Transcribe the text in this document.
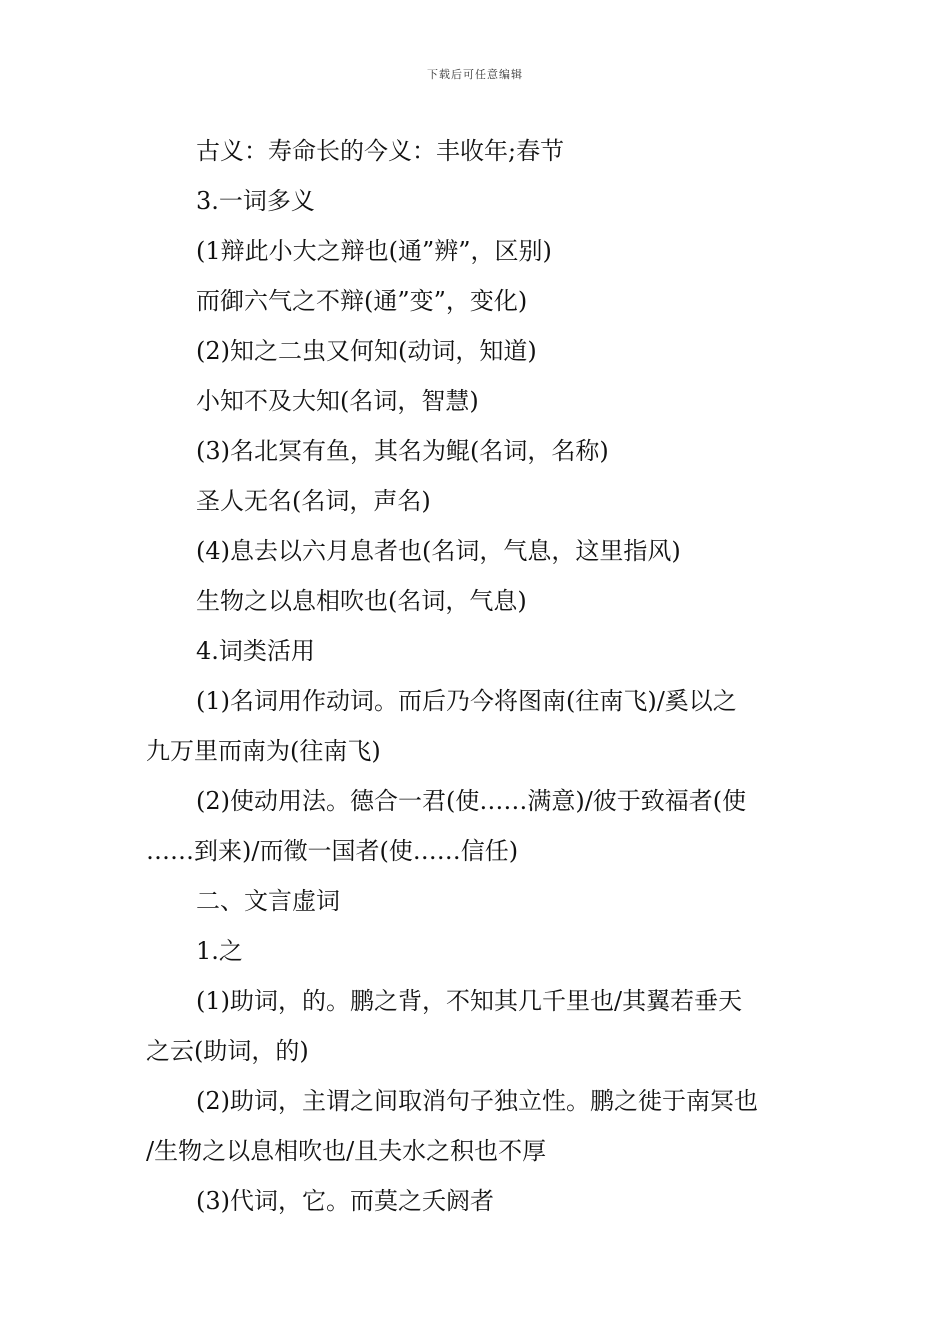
下载后可任意编辑
古义：寿命长的今义：丰收年;春节
3.一词多义
(1辩此小大之辩也(通”辨”，区别)
而御六气之不辩(通”变”，变化)
(2)知之二虫又何知(动词，知道)
小知不及大知(名词，智慧)
(3)名北冥有鱼，其名为鲲(名词，名称)
圣人无名(名词，声名)
(4)息去以六月息者也(名词，气息，这里指风)
生物之以息相吹也(名词，气息)
4.词类活用
(1)名词用作动词。而后乃今将图南(往南飞)/奚以之
九万里而南为(往南飞)
(2)使动用法。德合一君(使……满意)/彼于致福者(使
……到来)/而徵一国者(使……信任)
二、文言虚词
1.之
(1)助词，的。鹏之背，不知其几千里也/其翼若垂天
之云(助词，的)
(2)助词，主谓之间取消句子独立性。鹏之徙于南冥也
/生物之以息相吹也/且夫水之积也不厚
(3)代词，它。而莫之夭阏者
